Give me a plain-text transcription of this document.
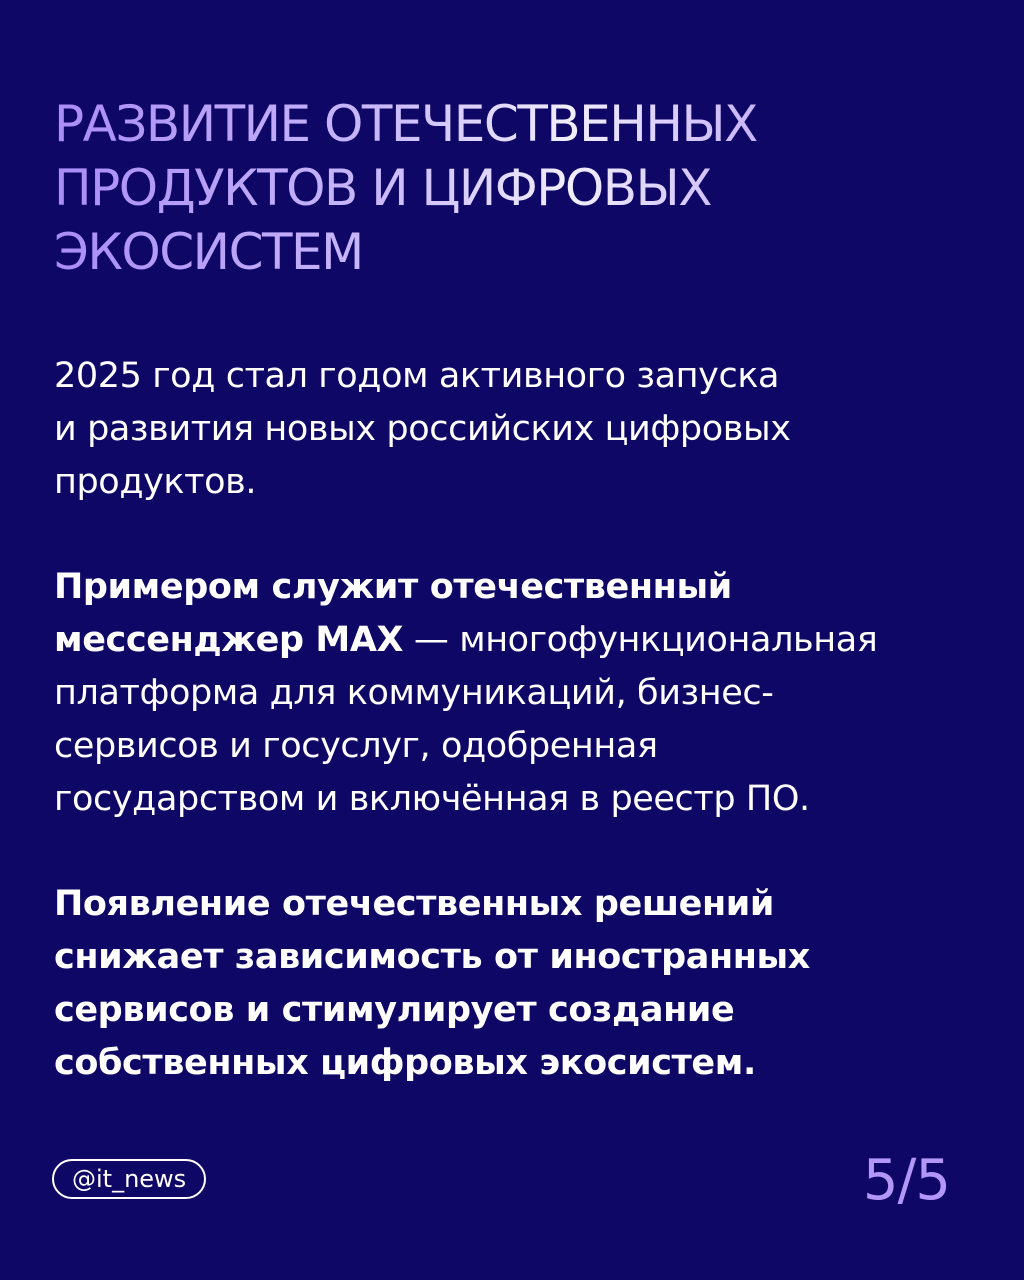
РАЗВИТИЕ ОТЕЧЕСТВЕННЫХ
ПРОДУКТОВ И ЦИФРОВЫХ
ЭКОСИСТЕМ

2025 год стал годом активного запуска
и развития новых российских цифровых
продуктов.

Примером служит отечественный
мессенджер MAX — многофункциональная
платформа для коммуникаций, бизнес-
сервисов и госуслуг, одобренная
государством и включённая в реестр ПО.

Появление отечественных решений
снижает зависимость от иностранных
сервисов и стимулирует создание
собственных цифровых экосистем.

@it_news	5/5
